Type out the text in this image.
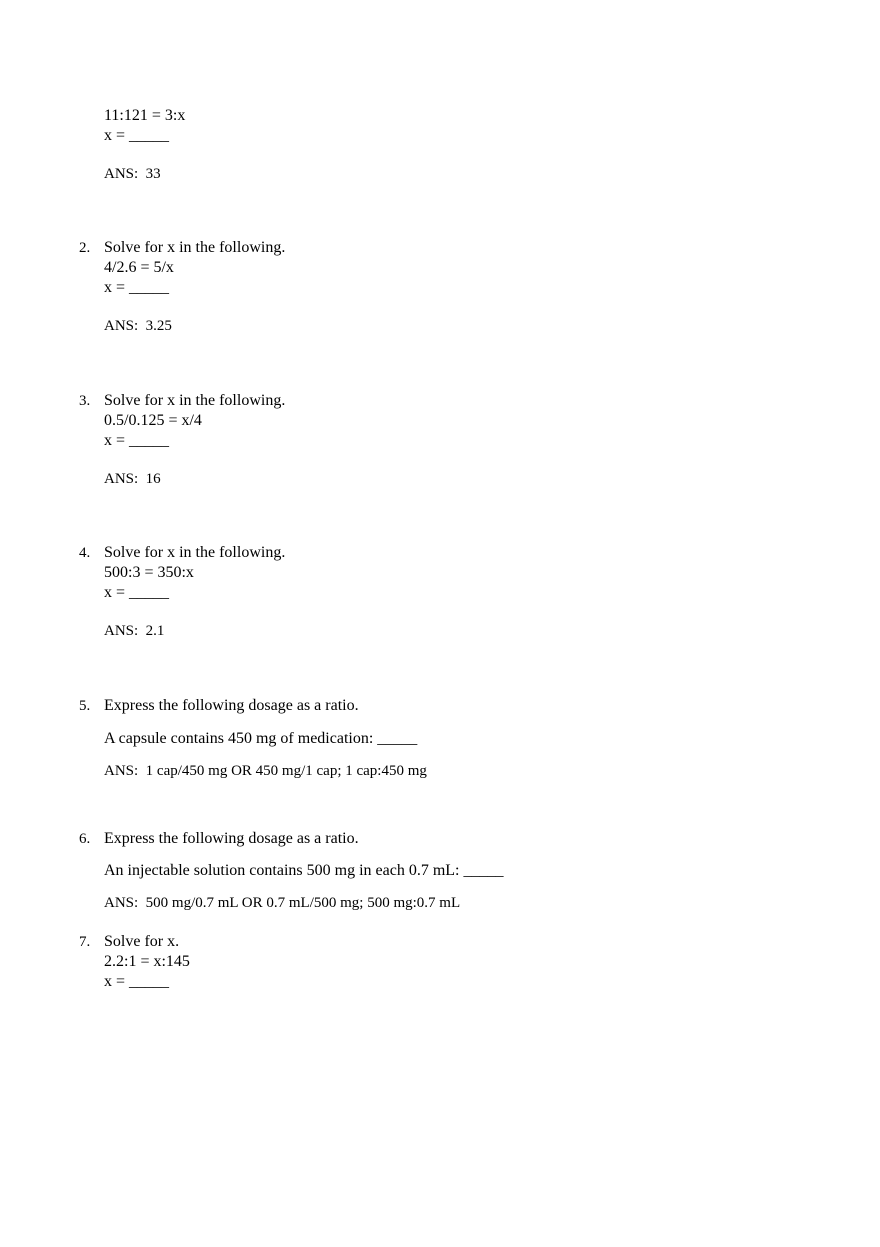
11:121 = 3:x
x = _____
ANS:  33
2. Solve for x in the following.
4/2.6 = 5/x
x = _____
ANS:  3.25
3. Solve for x in the following.
0.5/0.125 = x/4
x = _____
ANS:  16
4. Solve for x in the following.
500:3 = 350:x
x = _____
ANS:  2.1
5. Express the following dosage as a ratio.
A capsule contains 450 mg of medication: _____
ANS:  1 cap/450 mg OR 450 mg/1 cap; 1 cap:450 mg
6. Express the following dosage as a ratio.
An injectable solution contains 500 mg in each 0.7 mL: _____
ANS:  500 mg/0.7 mL OR 0.7 mL/500 mg; 500 mg:0.7 mL
7. Solve for x.
2.2:1 = x:145
x = _____
